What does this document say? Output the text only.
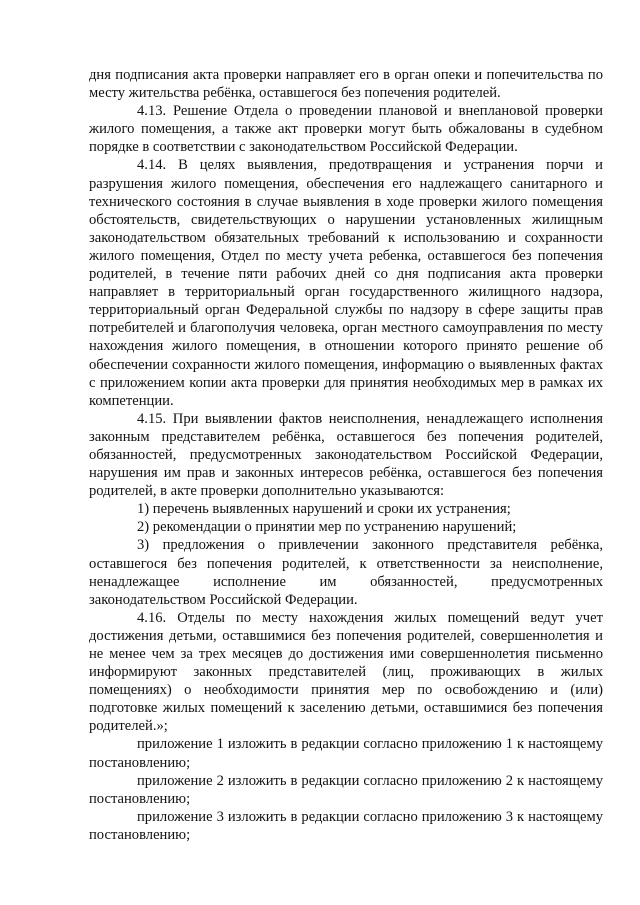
дня подписания акта проверки направляет его в орган опеки и попечительства по месту жительства ребёнка, оставшегося без попечения родителей.

4.13. Решение Отдела о проведении плановой и внеплановой проверки жилого помещения, а также акт проверки могут быть обжалованы в судебном порядке в соответствии с законодательством Российской Федерации.

4.14. В целях выявления, предотвращения и устранения порчи и разрушения жилого помещения, обеспечения его надлежащего санитарного и технического состояния в случае выявления в ходе проверки жилого помещения обстоятельств, свидетельствующих о нарушении установленных жилищным законодательством обязательных требований к использованию и сохранности жилого помещения, Отдел по месту учета ребенка, оставшегося без попечения родителей, в течение пяти рабочих дней со дня подписания акта проверки направляет в территориальный орган государственного жилищного надзора, территориальный орган Федеральной службы по надзору в сфере защиты прав потребителей и благополучия человека, орган местного самоуправления по месту нахождения жилого помещения, в отношении которого принято решение об обеспечении сохранности жилого помещения, информацию о выявленных фактах с приложением копии акта проверки для принятия необходимых мер в рамках их компетенции.

4.15. При выявлении фактов неисполнения, ненадлежащего исполнения законным представителем ребёнка, оставшегося без попечения родителей, обязанностей, предусмотренных законодательством Российской Федерации, нарушения им прав и законных интересов ребёнка, оставшегося без попечения родителей, в акте проверки дополнительно указываются:

1) перечень выявленных нарушений и сроки их устранения;

2) рекомендации о принятии мер по устранению нарушений;

3) предложения о привлечении законного представителя ребёнка, оставшегося без попечения родителей, к ответственности за неисполнение, ненадлежащее исполнение им обязанностей, предусмотренных законодательством Российской Федерации.

4.16. Отделы по месту нахождения жилых помещений ведут учет достижения детьми, оставшимися без попечения родителей, совершеннолетия и не менее чем за трех месяцев до достижения ими совершеннолетия письменно информируют законных представителей (лиц, проживающих в жилых помещениях) о необходимости принятия мер по освобождению и (или) подготовке жилых помещений к заселению детьми, оставшимися без попечения родителей.»;

приложение 1 изложить в редакции согласно приложению 1 к настоящему постановлению;

приложение 2 изложить в редакции согласно приложению 2 к настоящему постановлению;

приложение 3 изложить в редакции согласно приложению 3 к настоящему постановлению;
